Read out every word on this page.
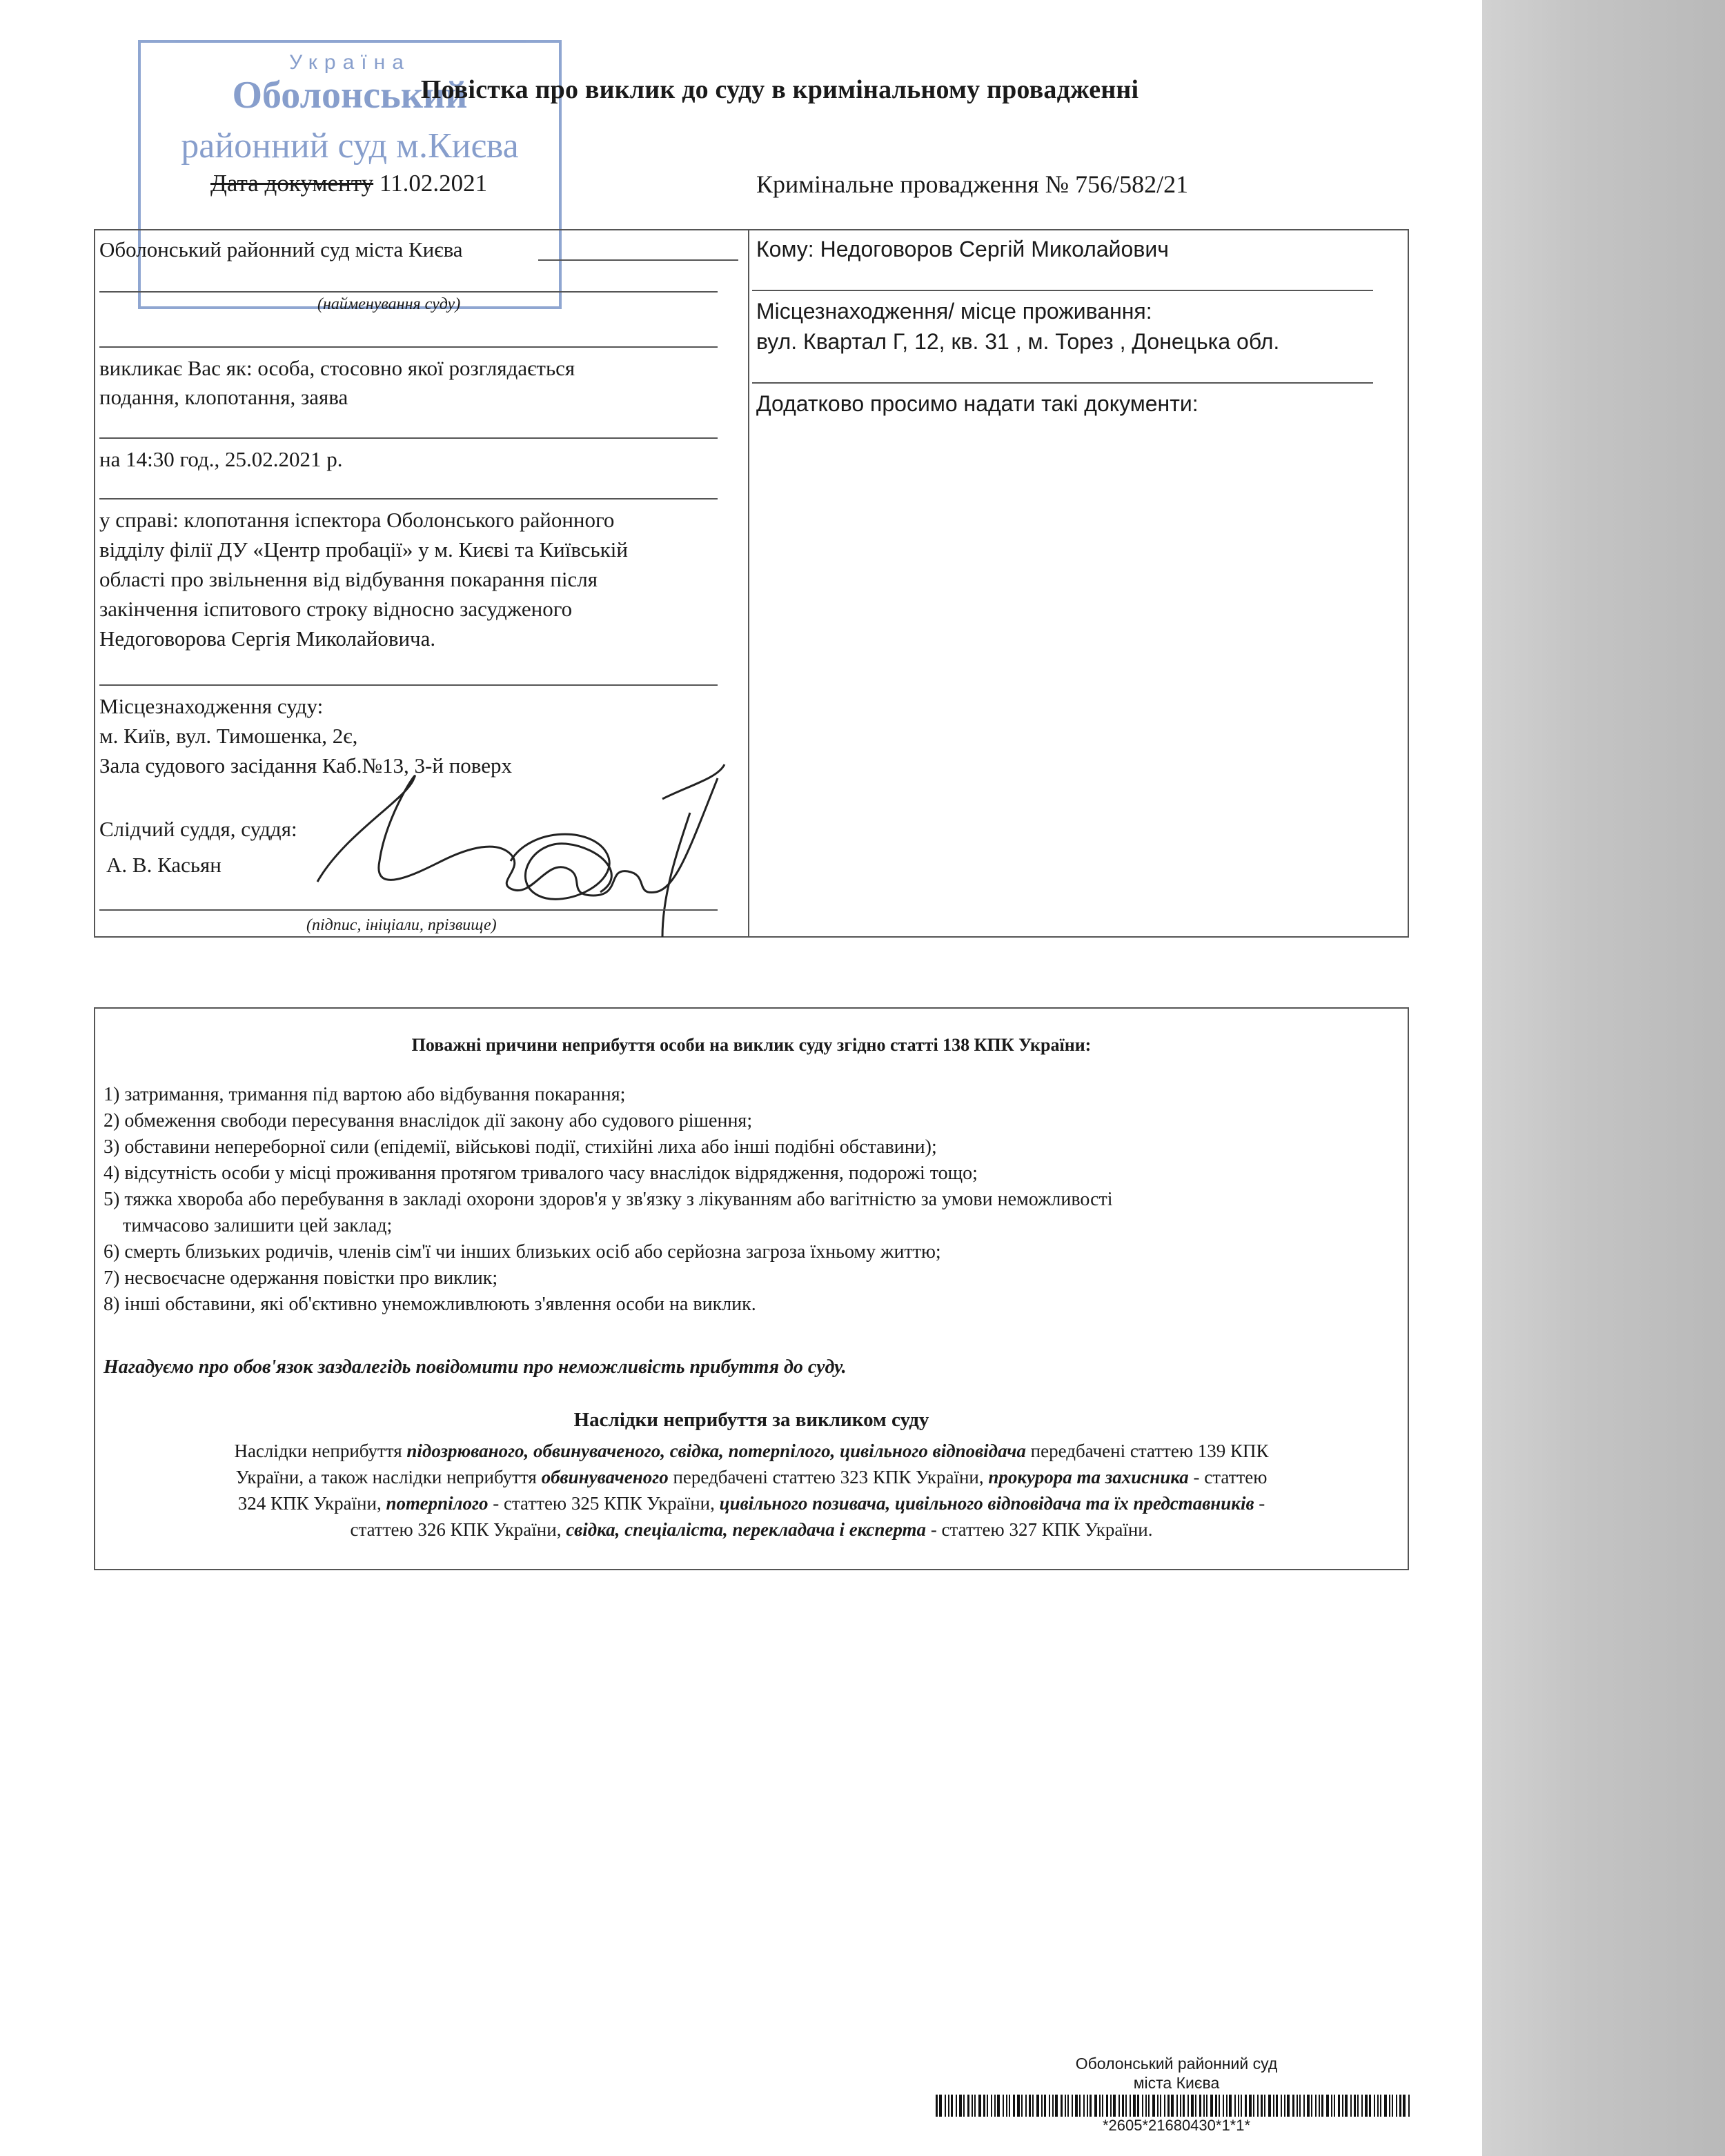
Україна
Оболонський
районний суд м.Києва
Повістка про виклик до суду в кримінальному провадженні
Дата документу 11.02.2021	Кримінальне провадження № 756/582/21
Оболонський районний суд міста Києва
(найменування суду)
викликає Вас як: особа, стосовно якої розглядається
подання, клопотання, заява
на 14:30 год., 25.02.2021 р.
у справі: клопотання іспектора Оболонського районного
відділу філії ДУ «Центр пробації» у м. Києві та Київській
області про звільнення від відбування покарання після
закінчення іспитового строку відносно засудженого
Недоговорова Сергія Миколайовича.
Місцезнаходження суду:
м. Київ, вул. Тимошенка, 2є,
Зала судового засідання Каб.№13, 3-й поверх
Слідчий суддя, суддя:
А. В. Касьян
(підпис, ініціали, прізвище)
Кому: Недоговоров Сергій Миколайович
Місцезнаходження/ місце проживання:
вул. Квартал Г, 12, кв. 31 , м. Торез , Донецька обл.
Додатково просимо надати такі документи:
Поважні причини неприбуття особи на виклик суду згідно статті 138 КПК України:
1) затримання, тримання під вартою або відбування покарання;
2) обмеження свободи пересування внаслідок дії закону або судового рішення;
3) обставини непереборної сили (епідемії, військові події, стихійні лиха або інші подібні обставини);
4) відсутність особи у місці проживання протягом тривалого часу внаслідок відрядження, подорожі тощо;
5) тяжка хвороба або перебування в закладі охорони здоров'я у зв'язку з лікуванням або вагітністю за умови неможливості
тимчасово залишити цей заклад;
6) смерть близьких родичів, членів сім'ї чи інших близьких осіб або серйозна загроза їхньому життю;
7) несвоєчасне одержання повістки про виклик;
8) інші обставини, які об'єктивно унеможливлюють з'явлення особи на виклик.
Нагадуємо про обов'язок заздалегідь повідомити про неможливість прибуття до суду.
Наслідки неприбуття за викликом суду
Наслідки неприбуття підозрюваного, обвинуваченого, свідка, потерпілого, цивільного відповідача передбачені статтею 139 КПК
України, а також наслідки неприбуття обвинуваченого передбачені статтею 323 КПК України, прокурора та захисника - статтею
324 КПК України, потерпілого - статтею 325 КПК України, цивільного позивача, цивільного відповідача та їх представників -
статтею 326 КПК України, свідка, спеціаліста, перекладача і експерта - статтею 327 КПК України.
Оболонський районний суд
міста Києва
*2605*21680430*1*1*
